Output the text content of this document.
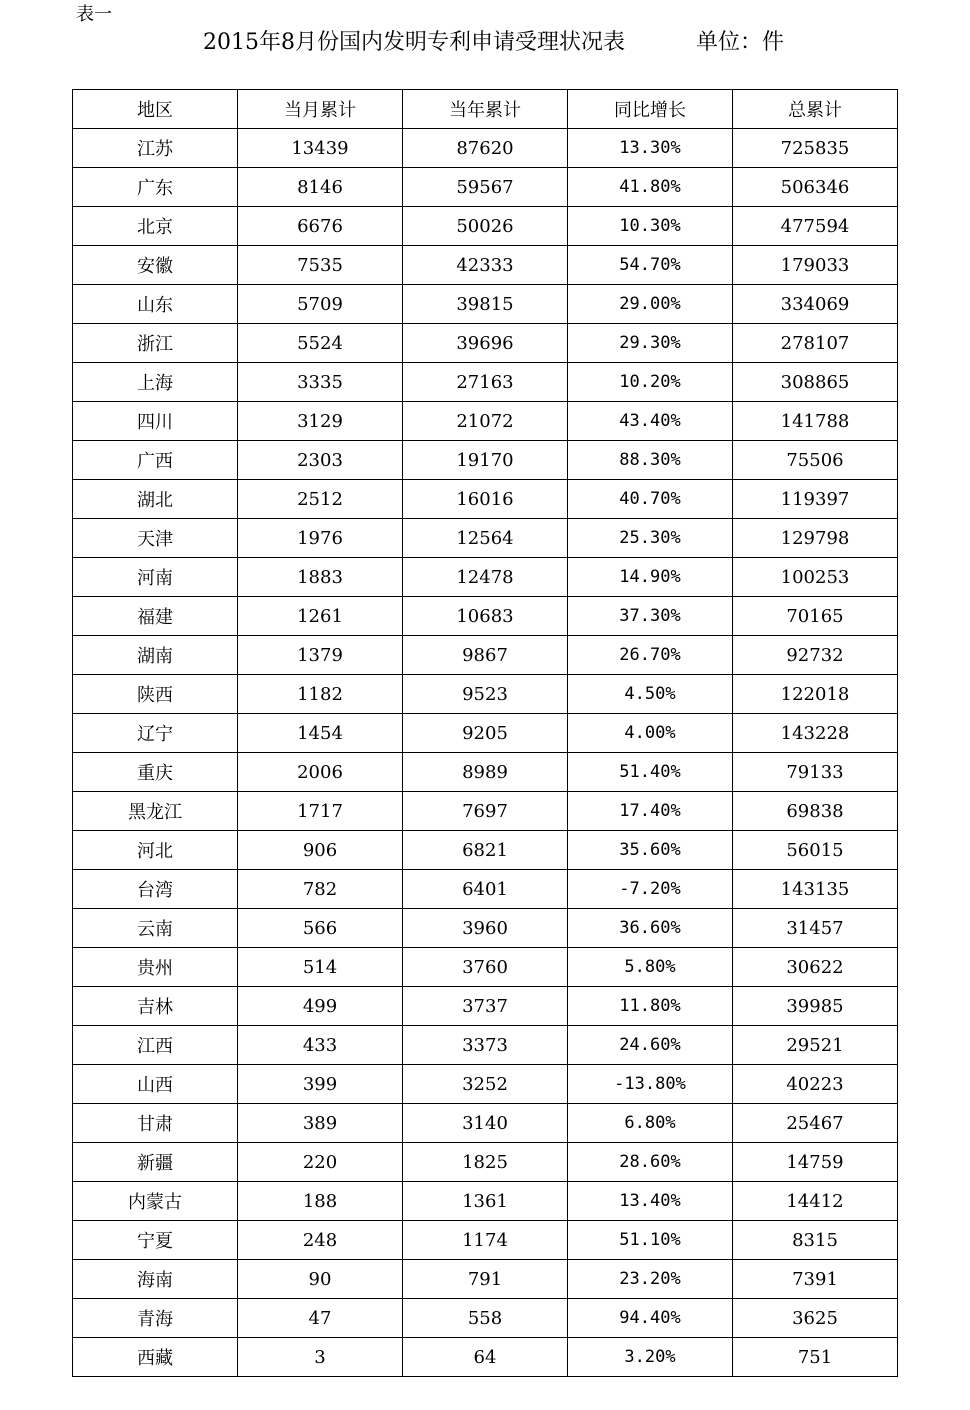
表一
2015年8月份国内发明专利申请受理状况表	单位：件
地区	当月累计	当年累计	同比增长	总累计
江苏	13439	87620	13.30%	725835
广东	8146	59567	41.80%	506346
北京	6676	50026	10.30%	477594
安徽	7535	42333	54.70%	179033
山东	5709	39815	29.00%	334069
浙江	5524	39696	29.30%	278107
上海	3335	27163	10.20%	308865
四川	3129	21072	43.40%	141788
广西	2303	19170	88.30%	75506
湖北	2512	16016	40.70%	119397
天津	1976	12564	25.30%	129798
河南	1883	12478	14.90%	100253
福建	1261	10683	37.30%	70165
湖南	1379	9867	26.70%	92732
陕西	1182	9523	4.50%	122018
辽宁	1454	9205	4.00%	143228
重庆	2006	8989	51.40%	79133
黑龙江	1717	7697	17.40%	69838
河北	906	6821	35.60%	56015
台湾	782	6401	-7.20%	143135
云南	566	3960	36.60%	31457
贵州	514	3760	5.80%	30622
吉林	499	3737	11.80%	39985
江西	433	3373	24.60%	29521
山西	399	3252	-13.80%	40223
甘肃	389	3140	6.80%	25467
新疆	220	1825	28.60%	14759
内蒙古	188	1361	13.40%	14412
宁夏	248	1174	51.10%	8315
海南	90	791	23.20%	7391
青海	47	558	94.40%	3625
西藏	3	64	3.20%	751
